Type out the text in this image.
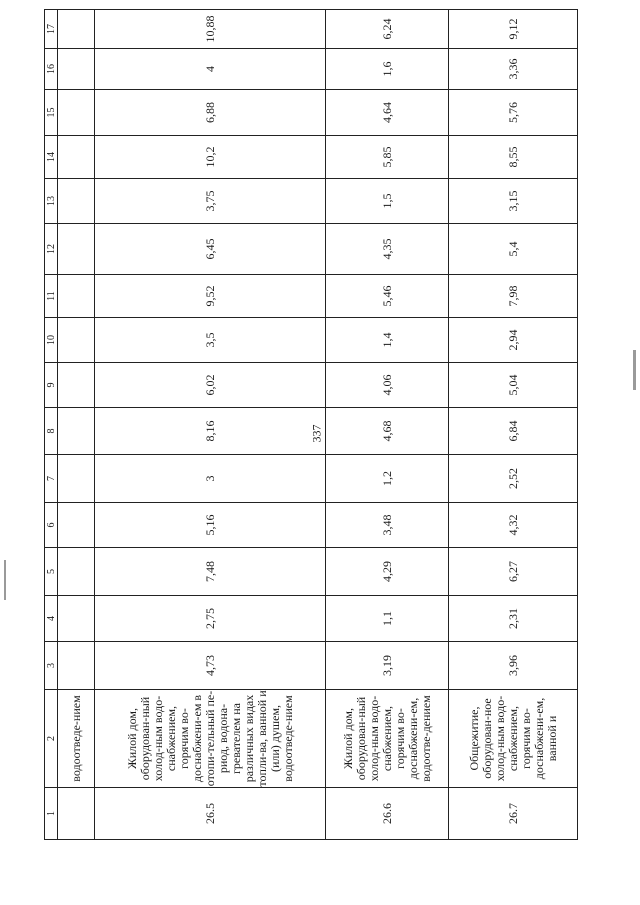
337
1	2	3	4	5	6	7	8	9	10	11	12	13	14	15	16	17
	водоотведе-нием															
26.5	Жилой дом, оборудован-ный холод-ным водо-снабжением, горячим во-доснабжени-ем в отопи-тельный пе-риод, водона-гревателем на различных видах топли-ва, ванной и (или) душем, водоотведе-нием	4,73	2,75	7,48	5,16	3	8,16	6,02	3,5	9,52	6,45	3,75	10,2	6,88	4	10,88
26.6	Жилой дом, оборудован-ный холод-ным водо-снабжением, горячим во-доснабжени-ем, водоотве-дением	3,19	1,1	4,29	3,48	1,2	4,68	4,06	1,4	5,46	4,35	1,5	5,85	4,64	1,6	6,24
26.7	Общежитие, оборудован-ное холод-ным водо-снабжением, горячим во-доснабжени-ем, ванной и	3,96	2,31	6,27	4,32	2,52	6,84	5,04	2,94	7,98	5,4	3,15	8,55	5,76	3,36	9,12
